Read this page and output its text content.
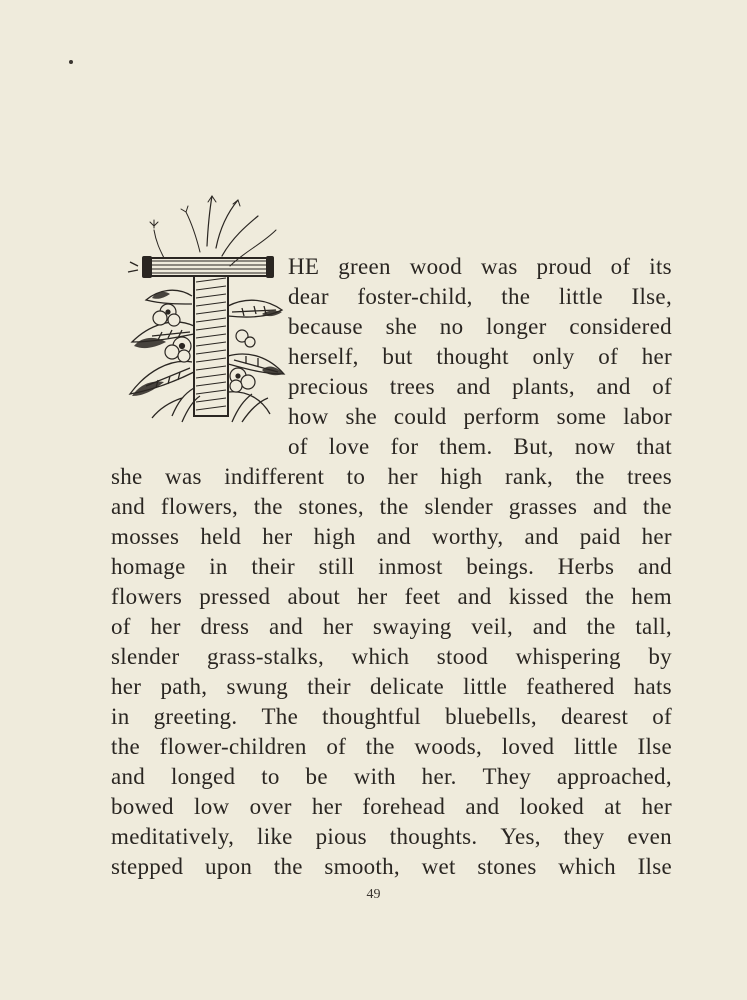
HE green wood was proud of its
dear foster-child, the little Ilse,
because she no longer considered
herself, but thought only of her
precious trees and plants, and of
how she could perform some labor
of love for them. But, now that
she was indifferent to her high rank, the trees
and flowers, the stones, the slender grasses and the
mosses held her high and worthy, and paid her
homage in their still inmost beings. Herbs and
flowers pressed about her feet and kissed the hem
of her dress and her swaying veil, and the tall,
slender grass-stalks, which stood whispering by
her path, swung their delicate little feathered hats
in greeting. The thoughtful bluebells, dearest of
the flower-children of the woods, loved little Ilse
and longed to be with her. They approached,
bowed low over her forehead and looked at her
meditatively, like pious thoughts. Yes, they even
stepped upon the smooth, wet stones which Ilse
49
